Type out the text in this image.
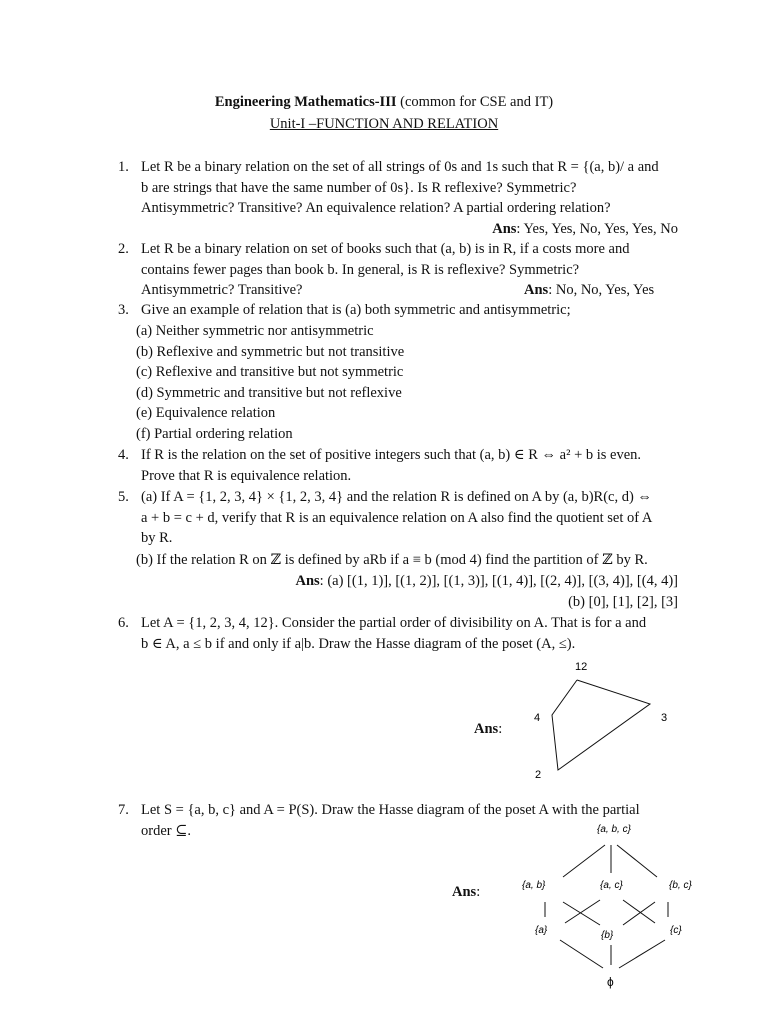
Engineering Mathematics-III (common for CSE and IT)
Unit-I –FUNCTION AND RELATION
1. Let R be a binary relation on the set of all strings of 0s and 1s such that R = {(a, b)/ a and
b are strings that have the same number of 0s}. Is R reflexive? Symmetric?
Antisymmetric? Transitive? An equivalence relation? A partial ordering relation?
Ans: Yes, Yes, No, Yes, Yes, No
2. Let R be a binary relation on set of books such that (a, b) is in R, if a costs more and
contains fewer pages than book b. In general, is R is reflexive? Symmetric?
Antisymmetric? Transitive?	Ans: No, No, Yes, Yes
3. Give an example of relation that is (a) both symmetric and antisymmetric;
(a) Neither symmetric nor antisymmetric
(b) Reflexive and symmetric but not transitive
(c) Reflexive and transitive but not symmetric
(d) Symmetric and transitive but not reflexive
(e) Equivalence relation
(f) Partial ordering relation
4. If R is the relation on the set of positive integers such that (a, b) ∈ R ⇔ a² + b is even.
Prove that R is equivalence relation.
5. (a) If A = {1, 2, 3, 4} × {1, 2, 3, 4} and the relation R is defined on A by (a, b)R(c, d) ⇔
a + b = c + d, verify that R is an equivalence relation on A also find the quotient set of A
by R.
(b) If the relation R on ℤ is defined by aRb if a ≡ b (mod 4) find the partition of ℤ by R.
Ans: (a) [(1, 1)], [(1, 2)], [(1, 3)], [(1, 4)], [(2, 4)], [(3, 4)], [(4, 4)]
(b) [0], [1], [2], [3]
6. Let A = {1, 2, 3, 4, 12}. Consider the partial order of divisibility on A. That is for a and
b ∈ A, a ≤ b if and only if a|b. Draw the Hasse diagram of the poset (A, ≤).
Ans:
12
4	3
2
7. Let S = {a, b, c} and A = P(S). Draw the Hasse diagram of the poset A with the partial
order ⊆.
Ans:
{a, b, c}
{a, b}	{a, c}	{b, c}
{a}	{b}	{c}
ϕ
